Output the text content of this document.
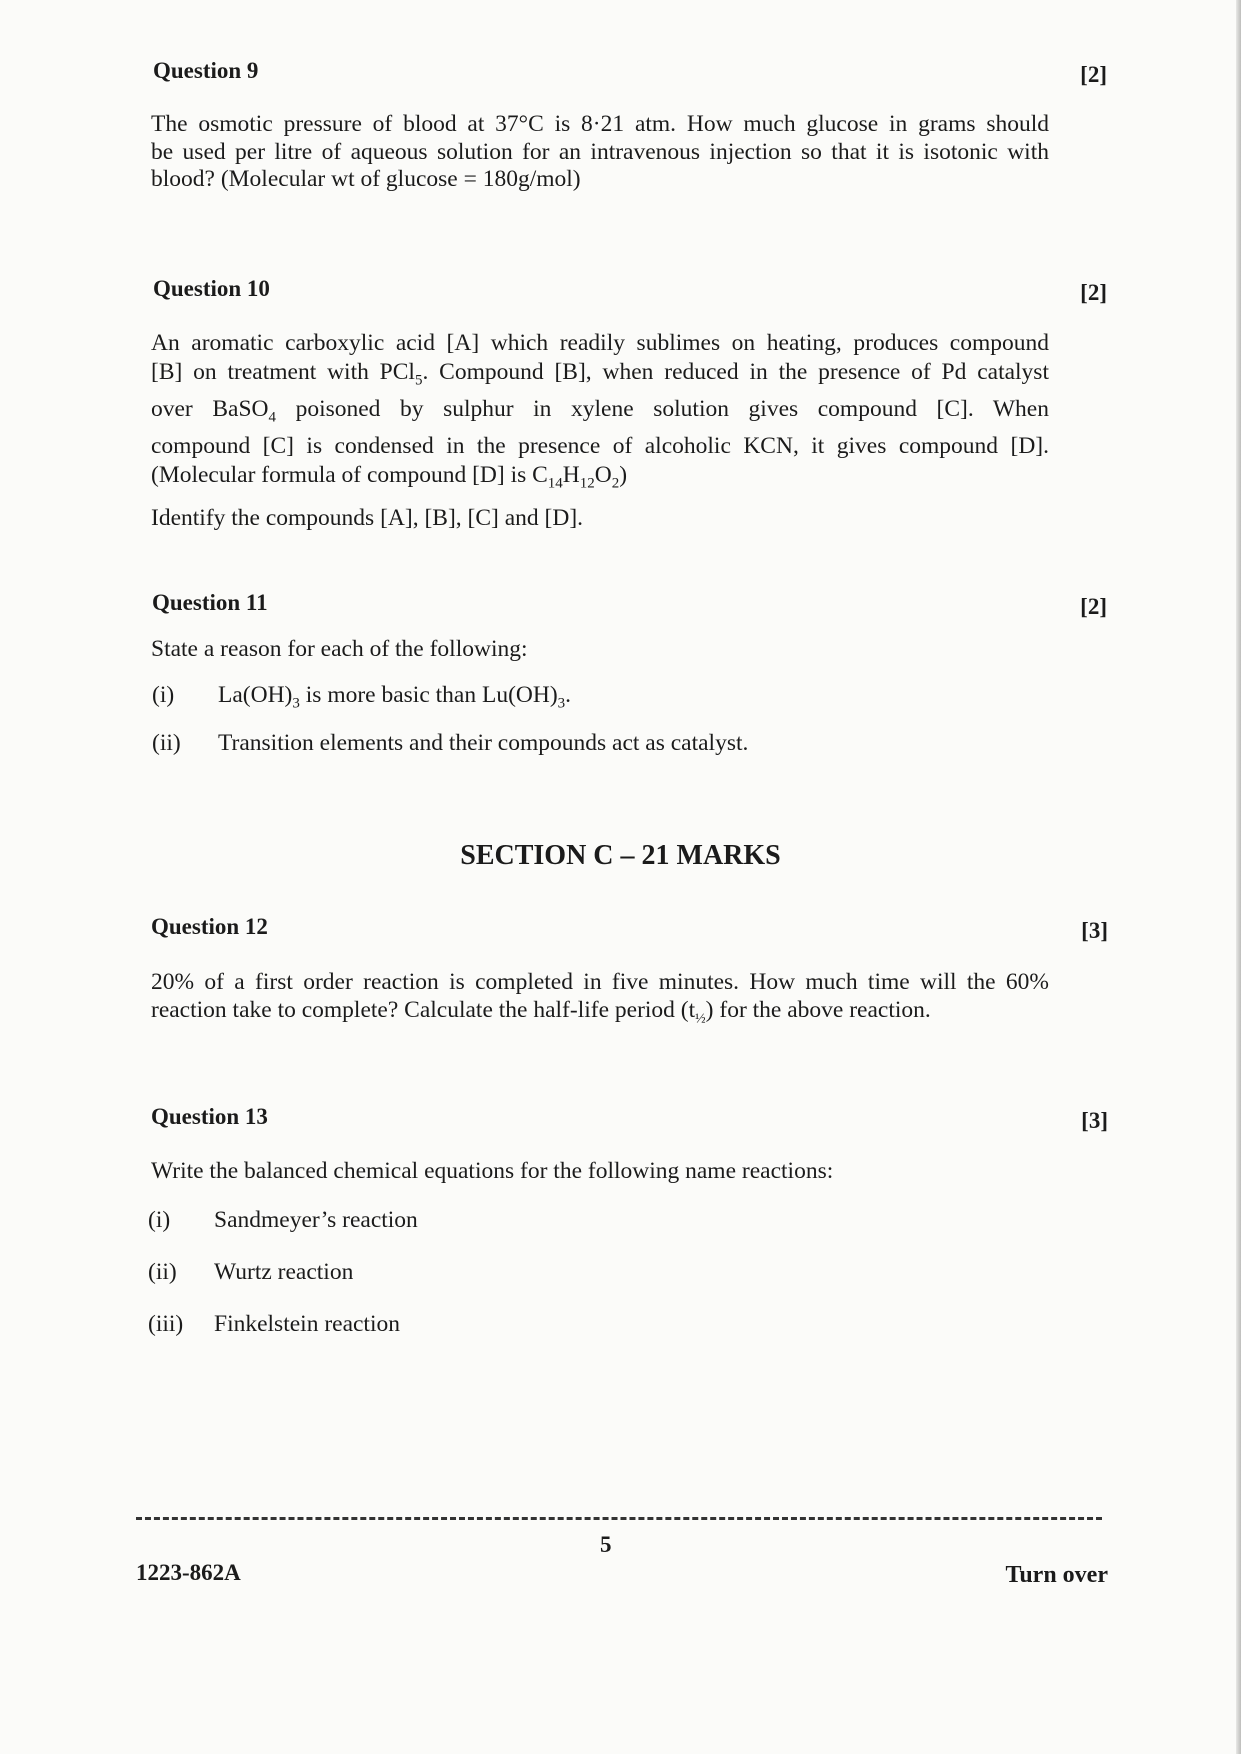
Question 9	[2]
The osmotic pressure of blood at 37°C is 8·21 atm. How much glucose in grams should
be used per litre of aqueous solution for an intravenous injection so that it is isotonic with
blood? (Molecular wt of glucose = 180g/mol)
Question 10	[2]
An aromatic carboxylic acid [A] which readily sublimes on heating, produces compound
[B] on treatment with PCl$_5$. Compound [B], when reduced in the presence of Pd catalyst
over BaSO$_4$ poisoned by sulphur in xylene solution gives compound [C]. When
compound [C] is condensed in the presence of alcoholic KCN, it gives compound [D].
(Molecular formula of compound [D] is $C_{14}H_{12}O_2$)
Identify the compounds [A], [B], [C] and [D].
Question 11	[2]
State a reason for each of the following:
(i) $La(OH)_3$ is more basic than $Lu(OH)_3$.
(ii) Transition elements and their compounds act as catalyst.
SECTION C – 21 MARKS
Question 12	[3]
20% of a first order reaction is completed in five minutes. How much time will the 60%
reaction take to complete? Calculate the half-life period $(t_{\frac{1}{2}})$ for the above reaction.
Question 13	[3]
Write the balanced chemical equations for the following name reactions:
(i) Sandmeyer’s reaction
(ii) Wurtz reaction
(iii) Finkelstein reaction
5
1223-862A	Turn over
